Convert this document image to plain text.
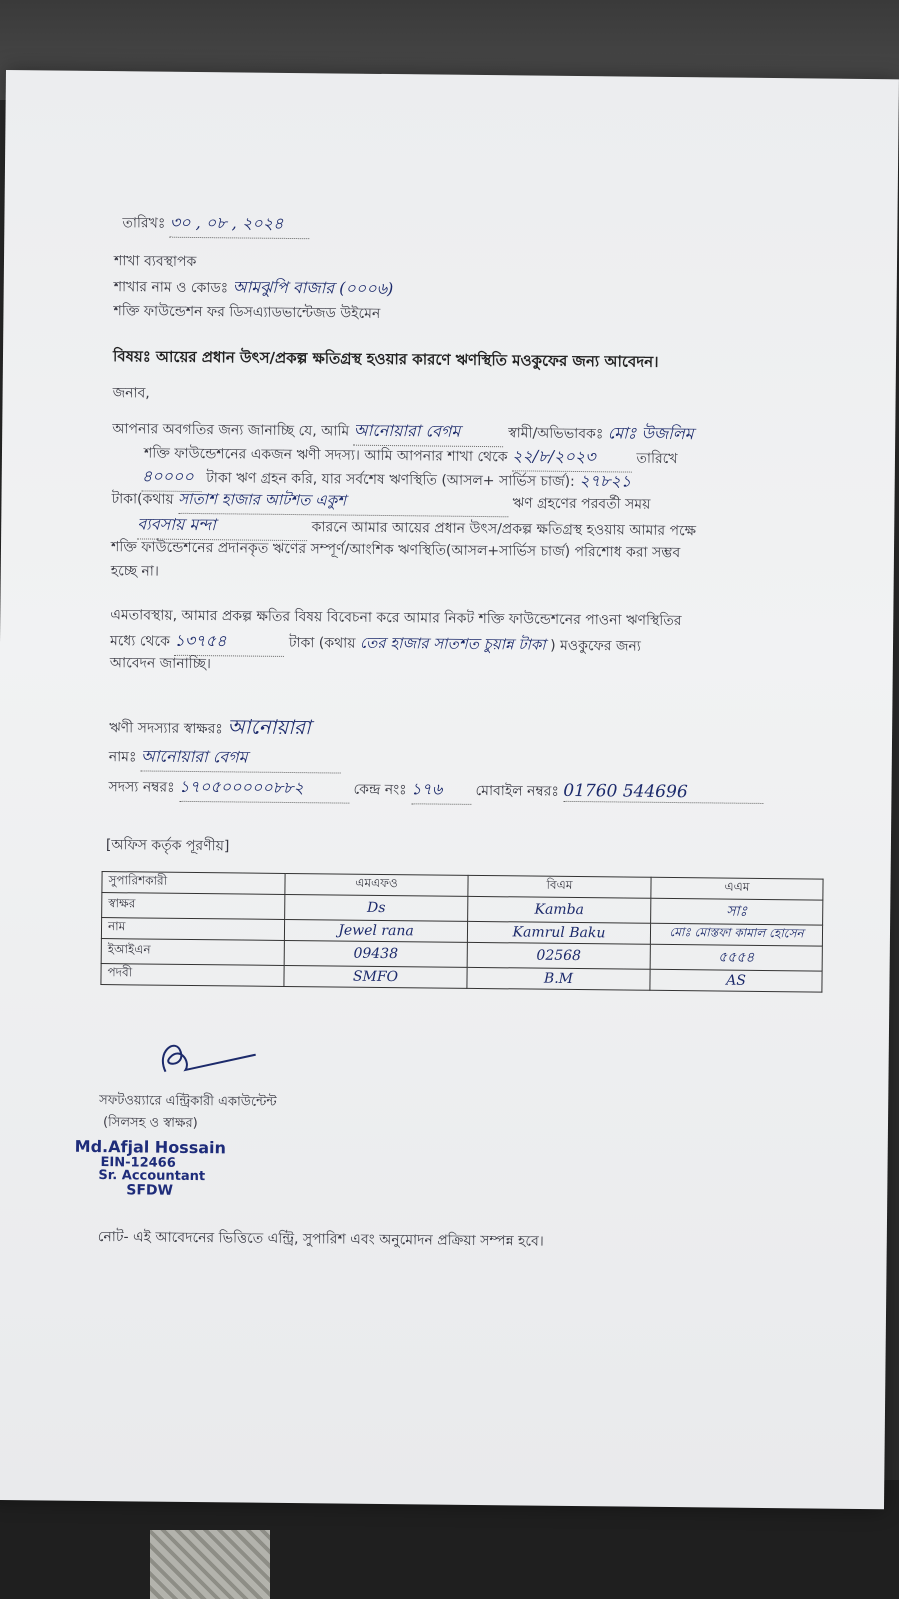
তারিখঃ ৩০ , ০৮ , ২০২৪
শাখা ব্যবস্থাপক
শাখার নাম ও কোডঃ আমঝুপি বাজার (০০০৬)
শক্তি ফাউন্ডেশন ফর ডিসএ্যাডভান্টেজড উইমেন
বিষয়ঃ আয়ের প্রধান উৎস/প্রকল্প ক্ষতিগ্রস্থ হওয়ার কারণে ঋণস্থিতি মওকুফের জন্য আবেদন।
জনাব,
আপনার অবগতির জন্য জানাচ্ছি যে, আমি আনোয়ারা বেগম	স্বামী/অভিভাবকঃ মোঃ উজলিম
শক্তি ফাউন্ডেশনের একজন ঋণী সদস্য। আমি আপনার শাখা থেকে ২২/৮/২০২৩	তারিখে
৪০০০০ টাকা ঋণ গ্রহন করি, যার সর্বশেষ ঋণস্থিতি (আসল+ সার্ভিস চার্জ): ২৭৮২১
টাকা(কথায় সাতাশ হাজার আটশত একুশ	ঋণ গ্রহণের পরবর্তী সময়
ব্যবসায় মন্দা	কারনে আমার আয়ের প্রধান উৎস/প্রকল্প ক্ষতিগ্রস্থ হওয়ায় আমার পক্ষে
শক্তি ফাউন্ডেশনের প্রদানকৃত ঋণের সম্পূর্ণ/আংশিক ঋণস্থিতি(আসল+সার্ভিস চার্জ) পরিশোধ করা সম্ভব
হচ্ছে না।
এমতাবস্থায়, আমার প্রকল্প ক্ষতির বিষয় বিবেচনা করে আমার নিকট শক্তি ফাউন্ডেশনের পাওনা ঋণস্থিতির
মধ্যে থেকে ১৩৭৫৪	টাকা (কথায় তের হাজার সাতশত চুয়ান্ন টাকা ) মওকুফের জন্য
আবেদন জানাচ্ছি।
ঋণী সদস্যার স্বাক্ষরঃ আনোয়ারা
নামঃ আনোয়ারা বেগম
সদস্য নম্বরঃ ১৭০৫০০০০০৮৮২	কেন্দ্র নংঃ ১৭৬ মোবাইল নম্বরঃ 01760 544696
[অফিস কর্তৃক পূরণীয়]
সুপারিশকারী	এমএফও	বিএম	এএম
স্বাক্ষর	Ds	Kamba	সাঃ
নাম	Jewel rana	Kamrul Baku	মোঃ মোস্তফা কামাল হোসেন
ইআইএন	09438	02568	৫৫৫৪
পদবী	SMFO	B.M	AS
সফটওয়্যারে এন্ট্রিকারী একাউন্টেন্ট
(সিলসহ ও স্বাক্ষর)
Md.Afjal Hossain
EIN-12466
Sr. Accountant
SFDW
নোট- এই আবেদনের ভিত্তিতে এন্ট্রি, সুপারিশ এবং অনুমোদন প্রক্রিয়া সম্পন্ন হবে।
